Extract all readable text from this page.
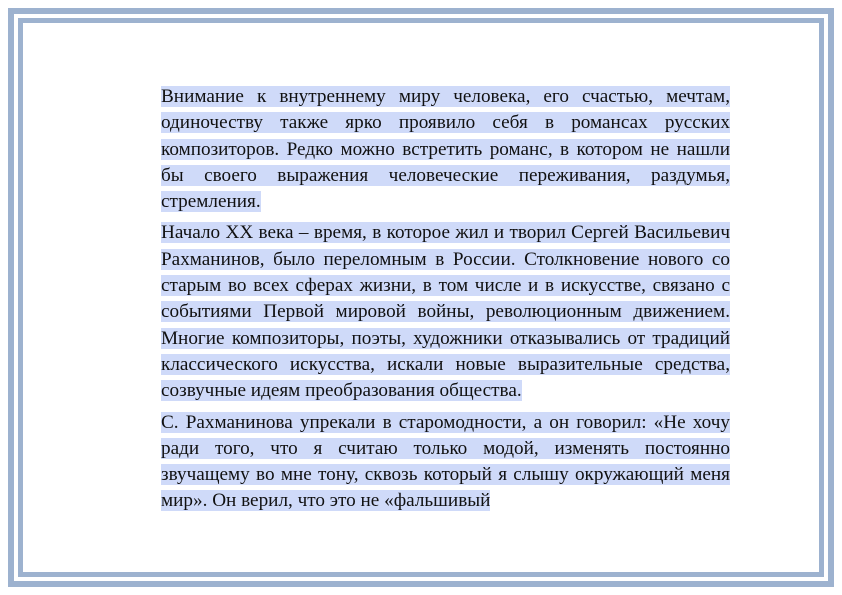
Внимание к внутреннему миру человека, его счастью, мечтам, одиночеству также ярко проявило себя в романсах русских композиторов. Редко можно встретить романс, в котором не нашли бы своего выражения человеческие переживания, раздумья, стремления.

Начало XX века – время, в которое жил и творил Сергей Васильевич Рахманинов, было переломным в России. Столкновение нового со старым во всех сферах жизни, в том числе и в искусстве, связано с событиями Первой мировой войны, революционным движением. Многие композиторы, поэты, художники отказывались от традиций классического искусства, искали новые выразительные средства, созвучные идеям преобразования общества.

С. Рахманинова упрекали в старомодности, а он говорил: «Не хочу ради того, что я считаю только модой, изменять постоянно звучащему во мне тону, сквозь который я слышу окружающий меня мир». Он верил, что это не «фальшивый
